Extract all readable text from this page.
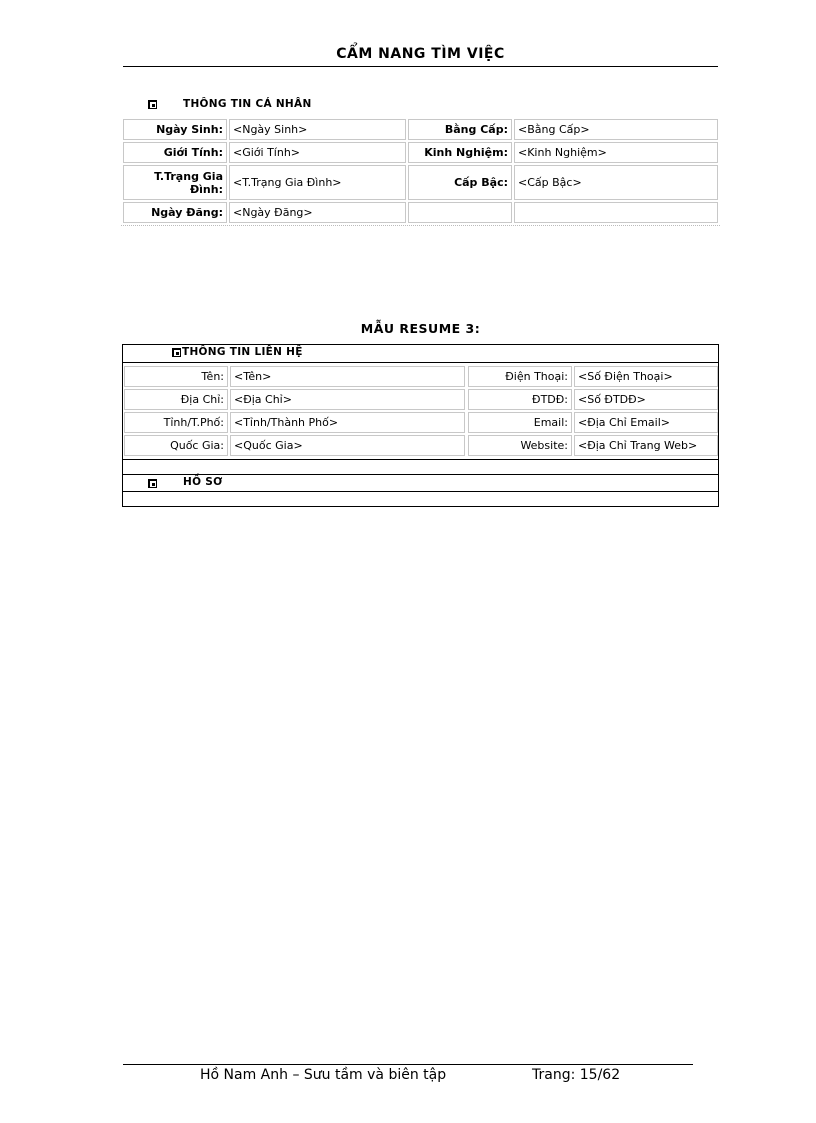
CẨM NANG TÌM VIỆC
THÔNG TIN CÁ NHÂN
Ngày Sinh: <Ngày Sinh>	Bằng Cấp: <Bằng Cấp>
Giới Tính: <Giới Tính>	Kinh Nghiệm: <Kinh Nghiệm>
T.Trạng Gia
Đình: <T.Trạng Gia Đình>	Cấp Bậc: <Cấp Bậc>
Ngày Đăng: <Ngày Đăng>
MẪU RESUME 3:
THÔNG TIN LIÊN HỆ
Tên: <Tên>	Điện Thoại: <Số Điện Thoại>
Địa Chỉ: <Địa Chỉ>	ĐTDĐ: <Số ĐTDĐ>
Tỉnh/T.Phố: <Tỉnh/Thành Phố>	Email: <Địa Chỉ Email>
Quốc Gia: <Quốc Gia>	Website: <Địa Chỉ Trang Web>
HỒ SƠ
Hồ Nam Anh – Sưu tầm và biên tập	Trang: 15/62
